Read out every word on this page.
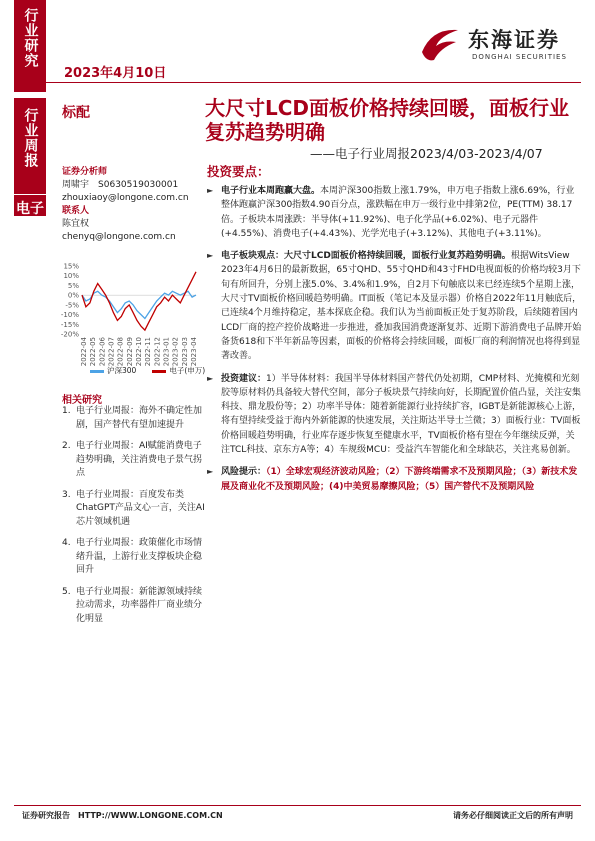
行业研究
2023年4月10日
东海证券
DONGHAI SECURITIES
行业周报
电子
标配	大尺寸LCD面板价格持续回暖，面板行业复苏趋势明确
——电子行业周报2023/4/03-2023/4/07
投资要点：
证券分析师
周啸宇　 S0630519030001
zhouxiaoy@longone.com.cn
联系人
陈宜权
chenyq@longone.com.cn
15%
10%
5%
0%
-5%
-10%
-15%
-20%
2022-04 2022-05 2022-06 2022-07 2022-08 2022-09 2022-10 2022-11 2022-12 2023-01 2023-02 2023-03 2023-04
沪深300	电子(申万)
相关研究
1. 电子行业周报：海外不确定性加剧，国产替代有望加速提升
2. 电子行业周报：AI赋能消费电子趋势明确，关注消费电子景气拐点
3. 电子行业周报：百度发布类ChatGPT产品文心一言，关注AI芯片领域机遇
4. 电子行业周报：政策催化市场情绪升温，上游行业支撑板块企稳回升
5. 电子行业周报：新能源领域持续拉动需求，功率器件厂商业绩分化明显
► 电子行业本周跑赢大盘。本周沪深300指数上涨1.79%，申万电子指数上涨6.69%，行业整体跑赢沪深300指数4.90百分点，涨跌幅在申万一级行业中排第2位，PE(TTM) 38.17倍。子板块本周涨跌：半导体(+11.92%)、电子化学品(+6.02%)、电子元器件(+4.55%)、消费电子(+4.43%)、光学光电子(+3.12%)、其他电子(+3.11%)。
► 电子板块观点：大尺寸LCD面板价格持续回暖，面板行业复苏趋势明确。根据WitsView 2023年4月6日的最新数据，65寸QHD、55寸QHD和43寸FHD电视面板的价格均较3月下旬有所回升，分别上涨5.0%、3.4%和1.9%，自2月下旬触底以来已经连续5个星期上涨，大尺寸TV面板价格回暖趋势明确。IT面板（笔记本及显示器）价格自2022年11月触底后，已连续4个月维持稳定，基本探底企稳。我们认为当前面板正处于复苏阶段，后续随着国内LCD厂商的控产控价战略进一步推进，叠加我国消费逐渐复苏、近期下游消费电子品牌开始备货618和下半年新品等因素，面板的价格将会持续回暖，面板厂商的利润情况也将得到显著改善。
► 投资建议：1）半导体材料：我国半导体材料国产替代仍处初期，CMP材料、光掩模和光刻胶等原材料仍具备较大替代空间，部分子板块景气持续向好，长期配置价值凸显，关注安集科技、鼎龙股份等；2）功率半导体：随着新能源行业持续扩容，IGBT是新能源核心上游，将有望持续受益于海内外新能源的快速发展，关注斯达半导士兰微；3）面板行业：TV面板价格回暖趋势明确，行业库存逐步恢复至健康水平，TV面板价格有望在今年继续反弹，关注TCL科技、京东方A等；4）车规级MCU：受益汽车智能化和全球缺芯，关注兆易创新。
► 风险提示：（1）全球宏观经济波动风险；（2）下游终端需求不及预期风险；（3）新技术发展及商业化不及预期风险；(4)中美贸易摩擦风险；（5）国产替代不及预期风险
证券研究报告　HTTP://WWW.LONGONE.COM.CN	请务必仔细阅读正文后的所有声明
